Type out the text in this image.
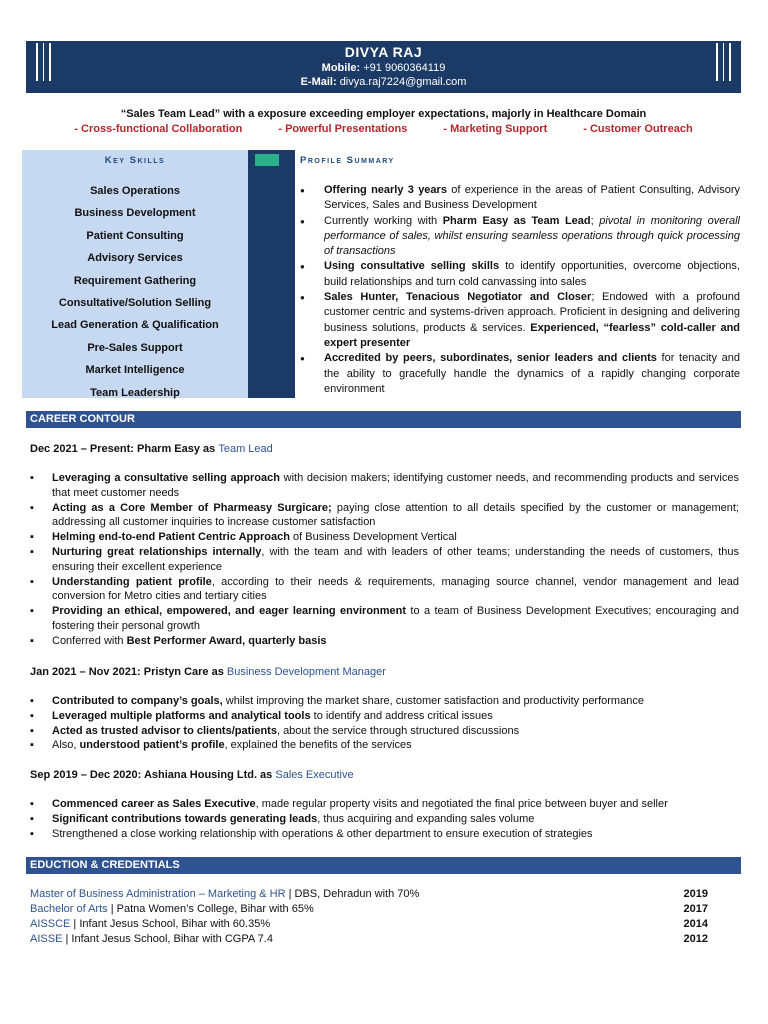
DIVYA RAJ
Mobile: +91 9060364119
E-Mail: divya.raj7224@gmail.com
“Sales Team Lead” with a exposure exceeding employer expectations, majorly in Healthcare Domain
- Cross-functional Collaboration	- Powerful Presentations	- Marketing Support	- Customer Outreach
Key Skills
Sales Operations
Business Development
Patient Consulting
Advisory Services
Requirement Gathering
Consultative/Solution Selling
Lead Generation & Qualification
Pre-Sales Support
Market Intelligence
Team Leadership
Profile Summary
● Offering nearly 3 years of experience in the areas of Patient Consulting, Advisory Services, Sales and Business Development
● Currently working with Pharm Easy as Team Lead; pivotal in monitoring overall performance of sales, whilst ensuring seamless operations through quick processing of transactions
● Using consultative selling skills to identify opportunities, overcome objections, build relationships and turn cold canvassing into sales
● Sales Hunter, Tenacious Negotiator and Closer; Endowed with a profound customer centric and systems-driven approach. Proficient in designing and delivering business solutions, products & services. Experienced, “fearless” cold-caller and expert presenter
● Accredited by peers, subordinates, senior leaders and clients for tenacity and the ability to gracefully handle the dynamics of a rapidly changing corporate environment
CAREER CONTOUR
Dec 2021 – Present: Pharm Easy as Team Lead
▪ Leveraging a consultative selling approach with decision makers; identifying customer needs, and recommending products and services that meet customer needs
▪ Acting as a Core Member of Pharmeasy Surgicare; paying close attention to all details specified by the customer or management; addressing all customer inquiries to increase customer satisfaction
▪ Helming end-to-end Patient Centric Approach of Business Development Vertical
▪ Nurturing great relationships internally, with the team and with leaders of other teams; understanding the needs of customers, thus ensuring their excellent experience
▪ Understanding patient profile, according to their needs & requirements, managing source channel, vendor management and lead conversion for Metro cities and tertiary cities
▪ Providing an ethical, empowered, and eager learning environment to a team of Business Development Executives; encouraging and fostering their personal growth
▪ Conferred with Best Performer Award, quarterly basis
Jan 2021 – Nov 2021: Pristyn Care as Business Development Manager
▪ Contributed to company’s goals, whilst improving the market share, customer satisfaction and productivity performance
▪ Leveraged multiple platforms and analytical tools to identify and address critical issues
▪ Acted as trusted advisor to clients/patients, about the service through structured discussions
▪ Also, understood patient’s profile, explained the benefits of the services
Sep 2019 – Dec 2020: Ashiana Housing Ltd. as Sales Executive
▪ Commenced career as Sales Executive, made regular property visits and negotiated the final price between buyer and seller
▪ Significant contributions towards generating leads, thus acquiring and expanding sales volume
▪ Strengthened a close working relationship with operations & other department to ensure execution of strategies
EDUCTION & CREDENTIALS
Master of Business Administration – Marketing & HR | DBS, Dehradun with 70%	2019
Bachelor of Arts | Patna Women’s College, Bihar with 65%	2017
AISSCE | Infant Jesus School, Bihar with 60.35%	2014
AISSE | Infant Jesus School, Bihar with CGPA 7.4	2012
